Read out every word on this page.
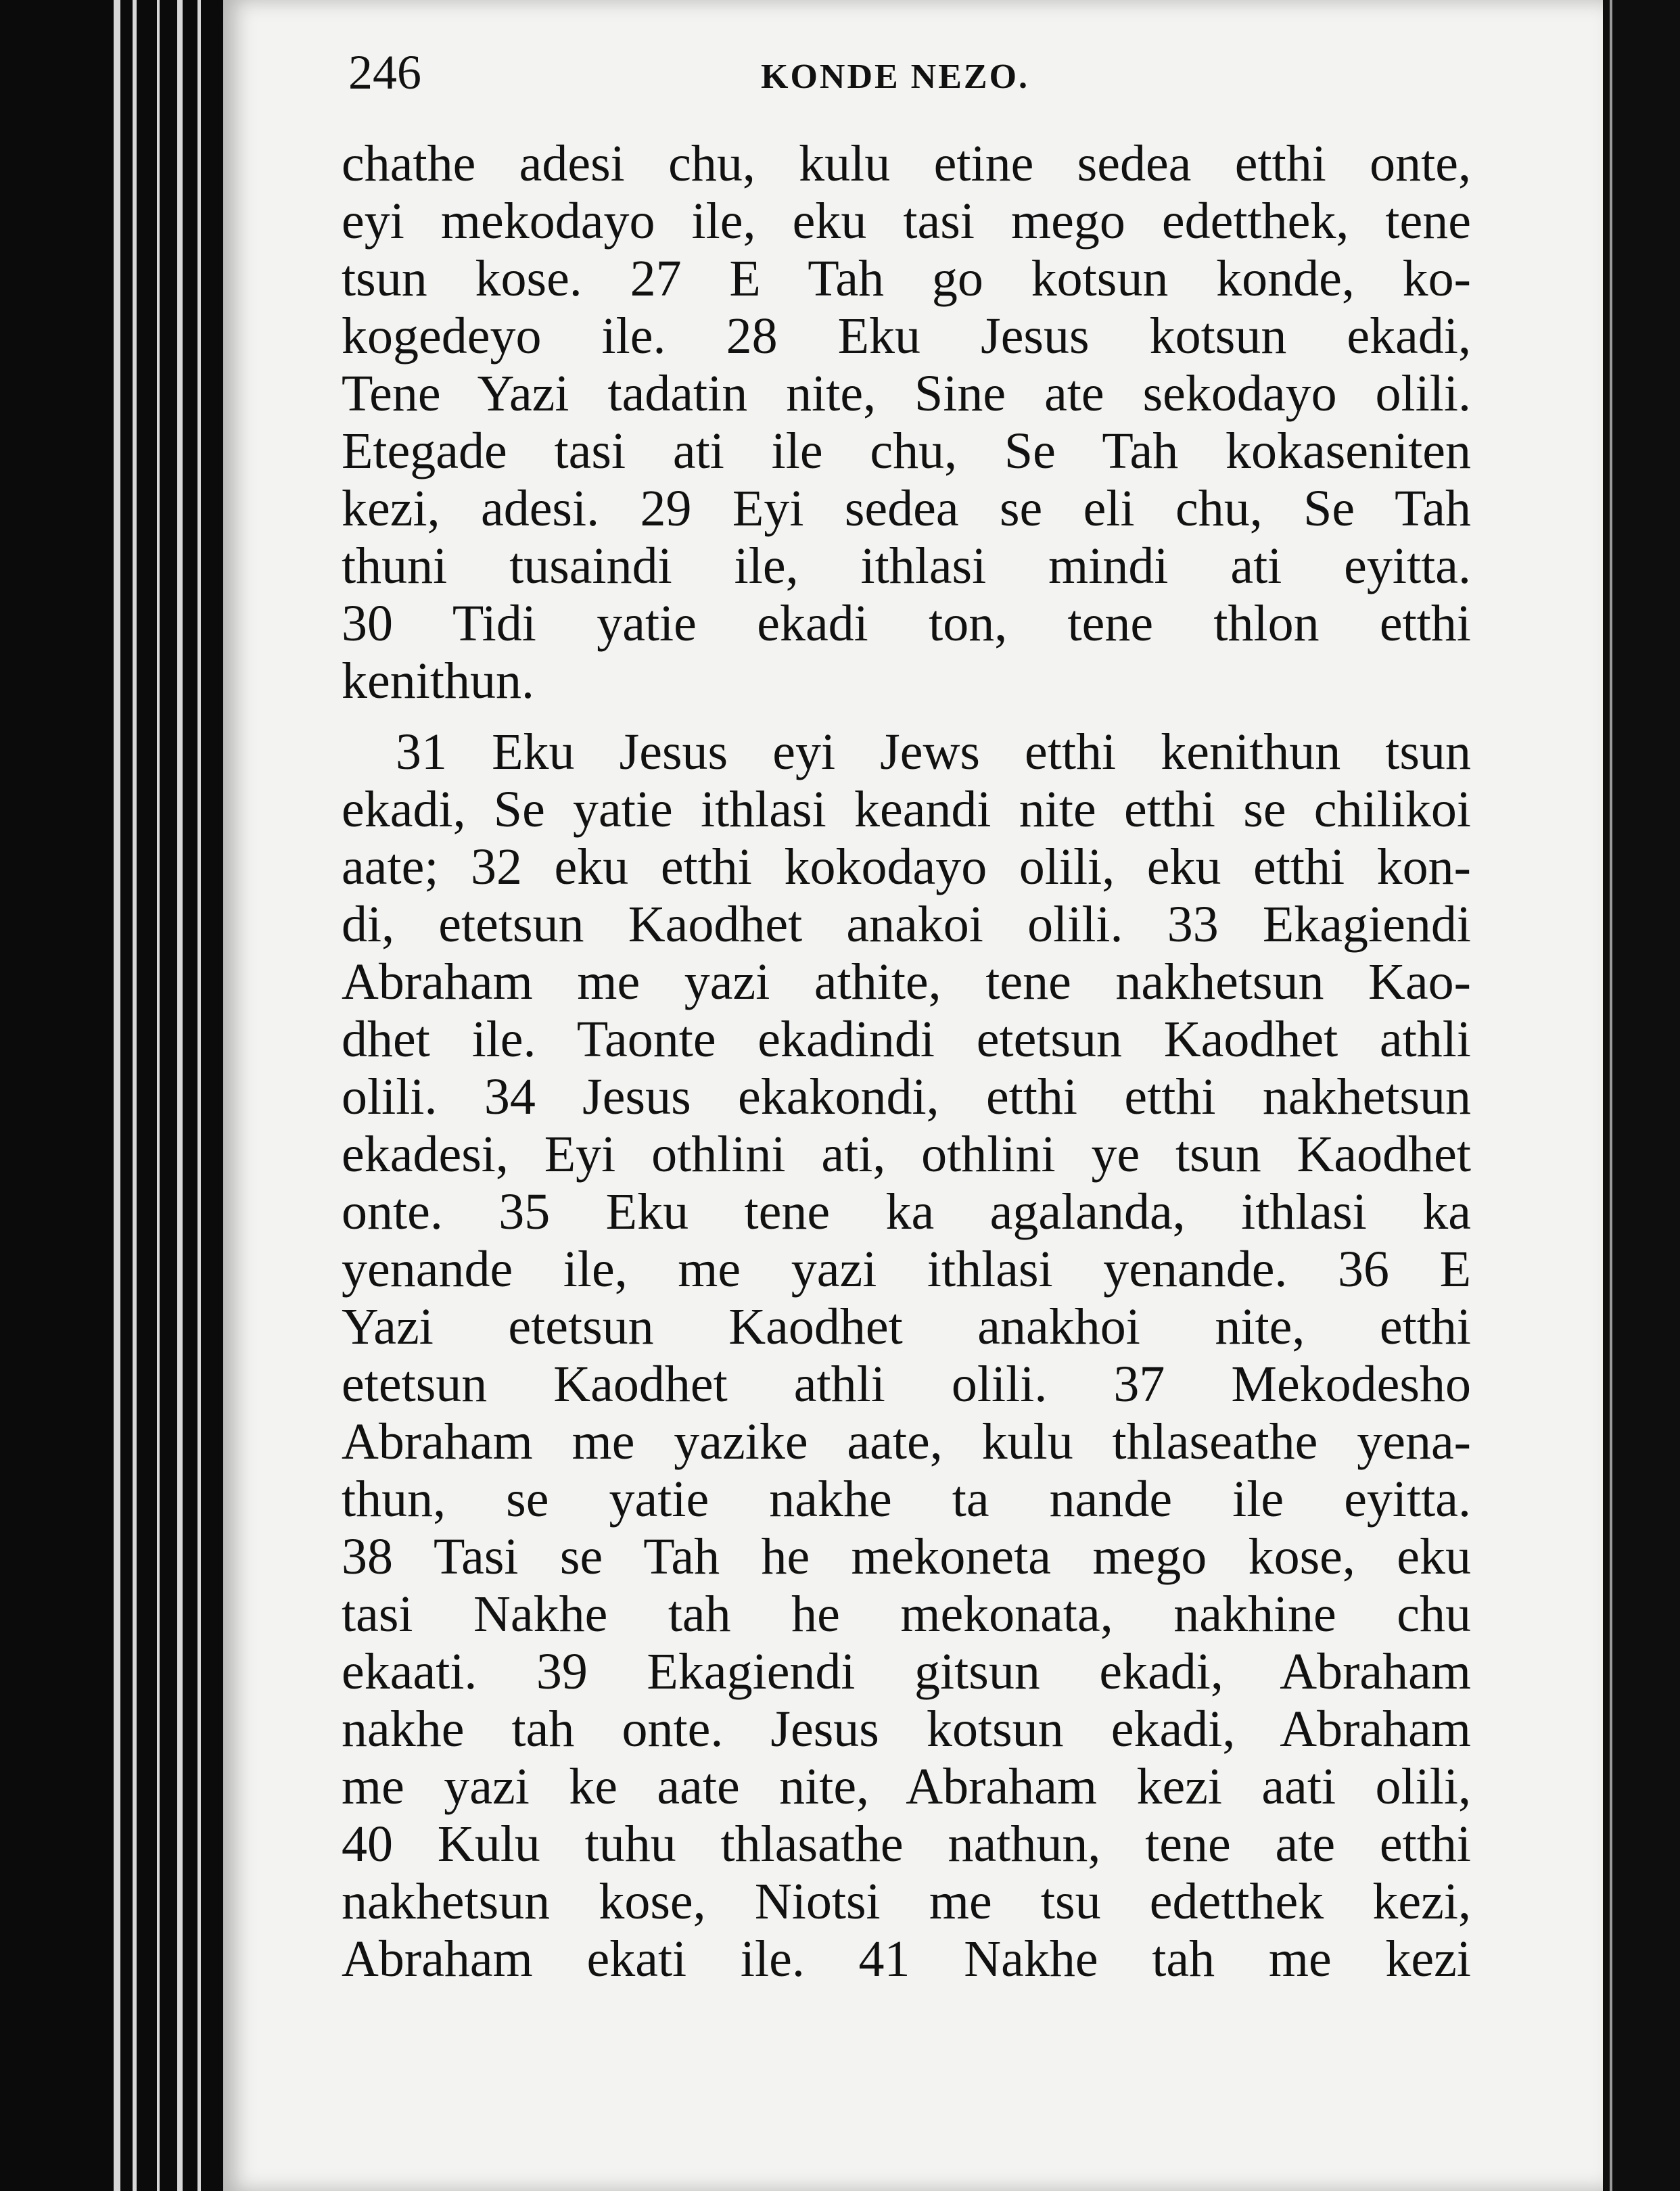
246	KONDE NEZO.
chathe adesi chu, kulu etine sedea etthi onte,
eyi mekodayo ile, eku tasi mego edetthek, tene
tsun kose. 27 E Tah go kotsun konde, ko-
kogedeyo ile. 28 Eku Jesus kotsun ekadi,
Tene Yazi tadatin nite, Sine ate sekodayo olili.
Etegade tasi ati ile chu, Se Tah kokaseniten
kezi, adesi. 29 Eyi sedea se eli chu, Se Tah
thuni tusaindi ile, ithlasi mindi ati eyitta.
30 Tidi yatie ekadi ton, tene thlon etthi
kenithun.
31 Eku Jesus eyi Jews etthi kenithun tsun
ekadi, Se yatie ithlasi keandi nite etthi se chilikoi
aate; 32 eku etthi kokodayo olili, eku etthi kon-
di, etetsun Kaodhet anakoi olili. 33 Ekagiendi
Abraham me yazi athite, tene nakhetsun Kao-
dhet ile. Taonte ekadindi etetsun Kaodhet athli
olili. 34 Jesus ekakondi, etthi etthi nakhetsun
ekadesi, Eyi othlini ati, othlini ye tsun Kaodhet
onte. 35 Eku tene ka agalanda, ithlasi ka
yenande ile, me yazi ithlasi yenande. 36 E
Yazi etetsun Kaodhet anakhoi nite, etthi
etetsun Kaodhet athli olili. 37 Mekodesho
Abraham me yazike aate, kulu thlaseathe yena-
thun, se yatie nakhe ta nande ile eyitta.
38 Tasi se Tah he mekoneta mego kose, eku
tasi Nakhe tah he mekonata, nakhine chu
ekaati. 39 Ekagiendi gitsun ekadi, Abraham
nakhe tah onte. Jesus kotsun ekadi, Abraham
me yazi ke aate nite, Abraham kezi aati olili,
40 Kulu tuhu thlasathe nathun, tene ate etthi
nakhetsun kose, Niotsi me tsu edetthek kezi,
Abraham ekati ile. 41 Nakhe tah me kezi
